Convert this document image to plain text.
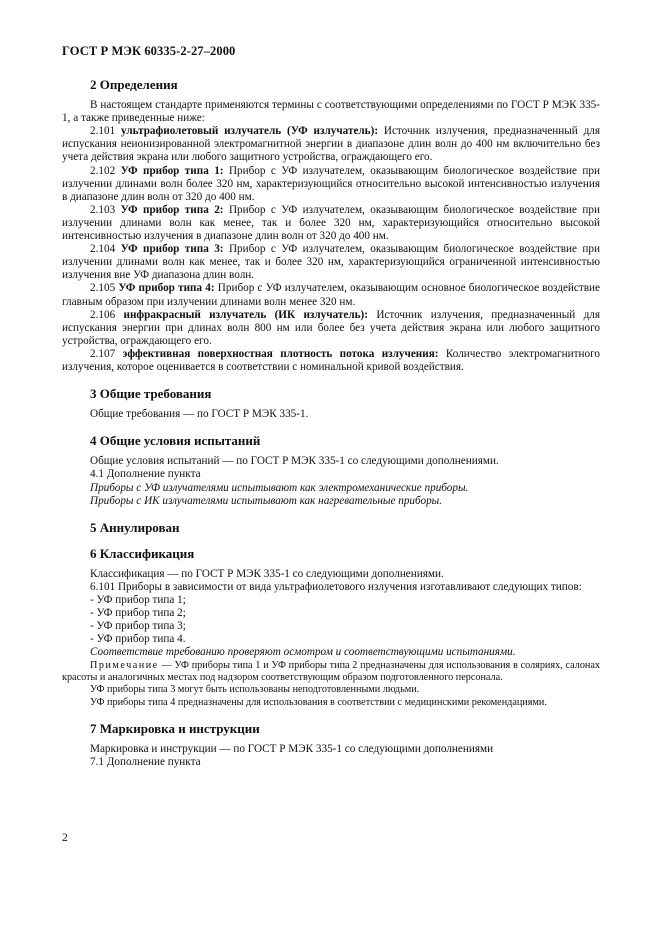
ГОСТ Р МЭК 60335-2-27–2000
2 Определения

В настоящем стандарте применяются термины с соответствующими определениями по ГОСТ Р МЭК 335-1, а также приведенные ниже:

2.101 ультрафиолетовый излучатель (УФ излучатель): Источник излучения, предназначенный для испускания неионизированной электромагнитной энергии в диапазоне длин волн до 400 нм включительно без учета действия экрана или любого защитного устройства, ограждающего его.

2.102 УФ прибор типа 1: Прибор с УФ излучателем, оказывающим биологическое воздействие при излучении длинами волн более 320 нм, характеризующийся относительно высокой интенсивностью излучения в диапазоне длин волн от 320 до 400 нм.

2.103 УФ прибор типа 2: Прибор с УФ излучателем, оказывающим биологическое воздействие при излучении длинами волн как менее, так и более 320 нм, характеризующийся относительно высокой интенсивностью излучения в диапазоне длин волн от 320 до 400 нм.

2.104 УФ прибор типа 3: Прибор с УФ излучателем, оказывающим биологическое воздействие при излучении длинами волн как менее, так и более 320 нм, характеризующийся ограниченной интенсивностью излучения вне УФ диапазона длин волн.

2.105 УФ прибор типа 4: Прибор с УФ излучателем, оказывающим основное биологическое воздействие главным образом при излучении длинами волн менее 320 нм.

2.106 инфракрасный излучатель (ИК излучатель): Источник излучения, предназначенный для испускания энергии при длинах волн 800 нм или более без учета действия экрана или любого защитного устройства, ограждающего его.

2.107 эффективная поверхностная плотность потока излучения: Количество электромагнитного излучения, которое оценивается в соответствии с номинальной кривой воздействия.

3 Общие требования

Общие требования — по ГОСТ Р МЭК 335-1.

4 Общие условия испытаний

Общие условия испытаний — по ГОСТ Р МЭК 335-1 со следующими дополнениями.

4.1 Дополнение пункта

Приборы с УФ излучателями испытывают как электромеханические приборы.

Приборы с ИК излучателями испытывают как нагревательные приборы.

5 Аннулирован
6 Классификация

Классификация — по ГОСТ Р МЭК 335-1 со следующими дополнениями.

6.101 Приборы в зависимости от вида ультрафиолетового излучения изготавливают следующих типов:

- УФ прибор типа 1;

- УФ прибор типа 2;

- УФ прибор типа 3;

- УФ прибор типа 4.

Соответствие требованию проверяют осмотром и соответствующими испытаниями.

Примечание — УФ приборы типа 1 и УФ приборы типа 2 предназначены для использования в соляриях, салонах красоты и аналогичных местах под надзором соответствующим образом подготовленного персонала.

УФ приборы типа 3 могут быть использованы неподготовленными людьми.

УФ приборы типа 4 предназначены для использования в соответствии с медицинскими рекомендациями.

7 Маркировка и инструкции

Маркировка и инструкции — по ГОСТ Р МЭК 335-1 со следующими дополнениями

7.1 Дополнение пункта

2
